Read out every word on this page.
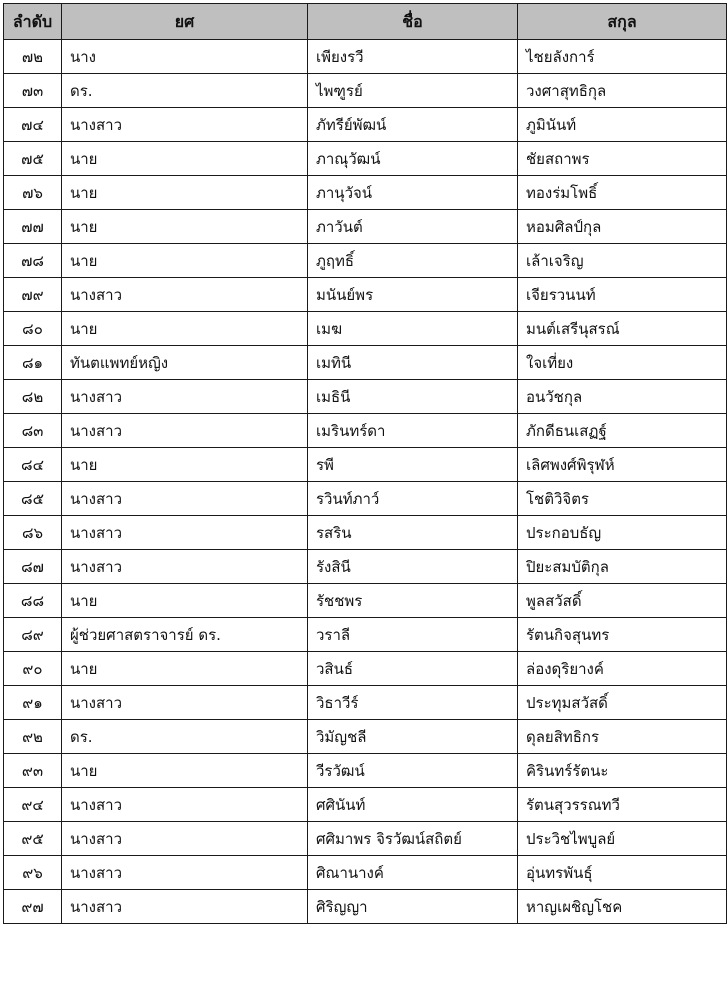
ลำดับ	ยศ	ชื่อ	สกุล
๗๒	นาง	เพียงรวี	ไชยลังการ์
๗๓	ดร.	ไพฑูรย์	วงศาสุทธิกุล
๗๔	นางสาว	ภัทรีย์พัฒน์	ภูมินันท์
๗๕	นาย	ภาณุวัฒน์	ชัยสถาพร
๗๖	นาย	ภานุวัจน์	ทองร่มโพธิ์
๗๗	นาย	ภาวันต์	หอมศิลป์กุล
๗๘	นาย	ภูฤทธิ์	เล้าเจริญ
๗๙	นางสาว	มนันย์พร	เจียรวนนท์
๘๐	นาย	เมฆ	มนต์เสรีนุสรณ์
๘๑	ทันตแพทย์หญิง	เมทินี	ใจเที่ยง
๘๒	นางสาว	เมธินี	อนวัชกุล
๘๓	นางสาว	เมรินทร์ดา	ภักดีธนเสฏฐ์
๘๔	นาย	รพี	เลิศพงศ์พิรุฬห์
๘๕	นางสาว	รวินท์ภาว์	โชติวิจิตร
๘๖	นางสาว	รสริน	ประกอบธัญ
๘๗	นางสาว	รังสินี	ปิยะสมบัติกุล
๘๘	นาย	รัชชพร	พูลสวัสดิ์
๘๙	ผู้ช่วยศาสตราจารย์ ดร.	วราลี	รัตนกิจสุนทร
๙๐	นาย	วสินธ์	ล่องดุริยางค์
๙๑	นางสาว	วิธาวีร์	ประทุมสวัสดิ์
๙๒	ดร.	วิมัญชลี	ดุลยสิทธิกร
๙๓	นาย	วีรวัฒน์	คิรินทร์รัตนะ
๙๔	นางสาว	ศศินันท์	รัตนสุวรรณทวี
๙๕	นางสาว	ศศิมาพร จิรวัฒน์สถิตย์	ประวิชไพบูลย์
๙๖	นางสาว	ศิณานางค์	อุ่นทรพันธุ์
๙๗	นางสาว	ศิริญญา	หาญเผชิญโชค
